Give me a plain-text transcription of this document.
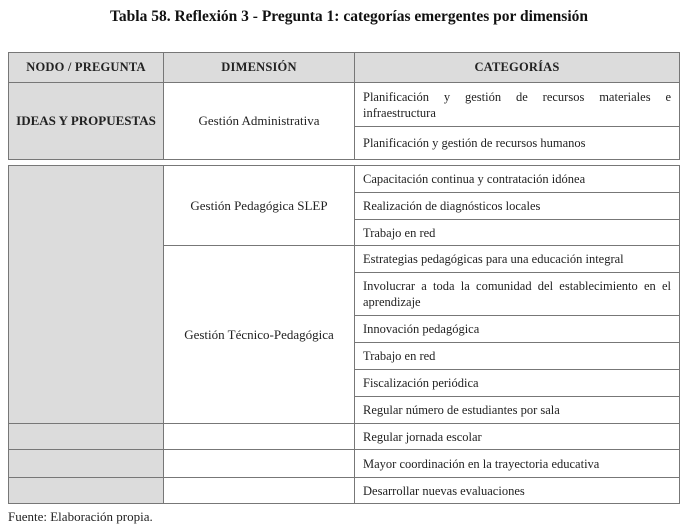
Tabla 58. Reflexión 3 - Pregunta 1: categorías emergentes por dimensión
NODO / PREGUNTA	DIMENSIÓN	CATEGORÍAS
IDEAS Y PROPUESTAS	Gestión Administrativa	Planificación y gestión de recursos materiales e infraestructura
		Planificación y gestión de recursos humanos
	Gestión Pedagógica SLEP	Capacitación continua y contratación idónea
		Realización de diagnósticos locales
		Trabajo en red
	Gestión Técnico-Pedagógica	Estrategias pedagógicas para una educación integral
		Involucrar a toda la comunidad del establecimiento en el aprendizaje
		Innovación pedagógica
		Trabajo en red
		Fiscalización periódica
		Regular número de estudiantes por sala
		Regular jornada escolar
		Mayor coordinación en la trayectoria educativa
		Desarrollar nuevas evaluaciones
Fuente: Elaboración propia.
